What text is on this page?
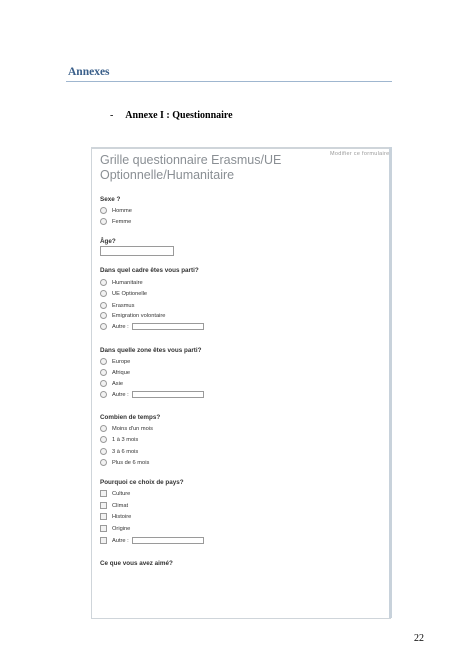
Annexes
- Annexe I : Questionnaire
Modifier ce formulaire
Grille questionnaire Erasmus/UE Optionnelle/Humanitaire
Sexe ?
Homme
Femme
Âge?
Dans quel cadre êtes vous parti?
Humanitaire
UE Optionelle
Erasmus
Emigration volontaire
Autre :
Dans quelle zone êtes vous parti?
Europe
Afrique
Asie
Autre :
Combien de temps?
Moins d'un mois
1 à 3 mois
3 à 6 mois
Plus de 6 mois
Pourquoi ce choix de pays?
Culture
Climat
Histoire
Origine
Autre :
Ce que vous avez aimé?
22
